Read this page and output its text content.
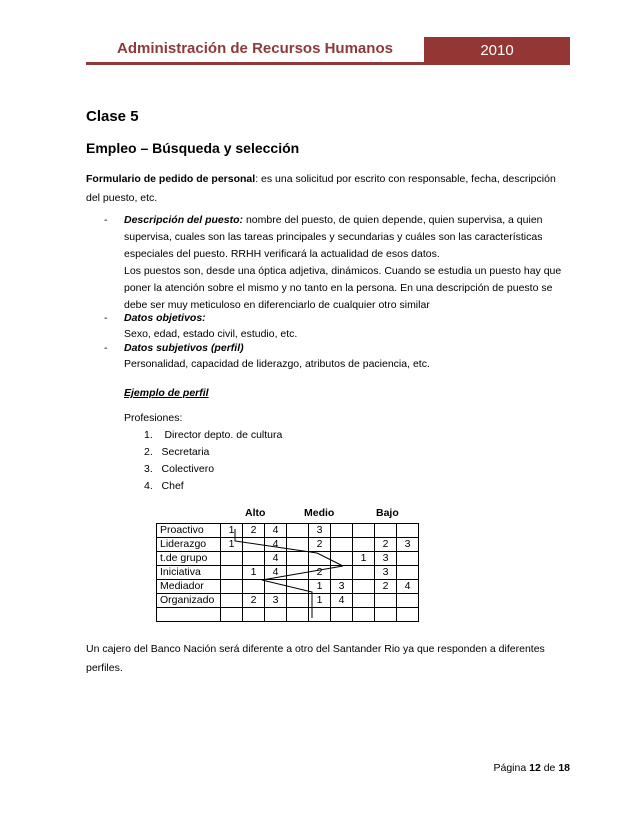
Administración de Recursos Humanos	2010
Clase 5
Empleo – Búsqueda y selección
Formulario de pedido de personal: es una solicitud por escrito con responsable, fecha, descripción
del puesto, etc.
- Descripción del puesto: nombre del puesto, de quien depende, quien supervisa, a quien
supervisa, cuales son las tareas principales y secundarias y cuáles son las características
especiales del puesto. RRHH verificará la actualidad de esos datos.
Los puestos son, desde una óptica adjetiva, dinámicos. Cuando se estudia un puesto hay que
poner la atención sobre el mismo y no tanto en la persona. En una descripción de puesto se
debe ser muy meticuloso en diferenciarlo de cualquier otro similar
- Datos objetivos:
Sexo, edad, estado civil, estudio, etc.
- Datos subjetivos (perfil)
Personalidad, capacidad de liderazgo, atributos de paciencia, etc.
Ejemplo de perfil
Profesiones:
1.    Director depto. de cultura
2. Secretaria
3. Colectivero
4. Chef
Alto	Medio	Bajo
Proactivo	1	2	4		3				
Liderazgo	1		4		2			2	3
t.de grupo			4				1	3	
Iniciativa		1	4		2			3	
Mediador					1	3		2	4
Organizado		2	3		1	4			

Un cajero del Banco Nación será diferente a otro del Santander Rio ya que responden a diferentes
perfiles.
Página 12 de 18
